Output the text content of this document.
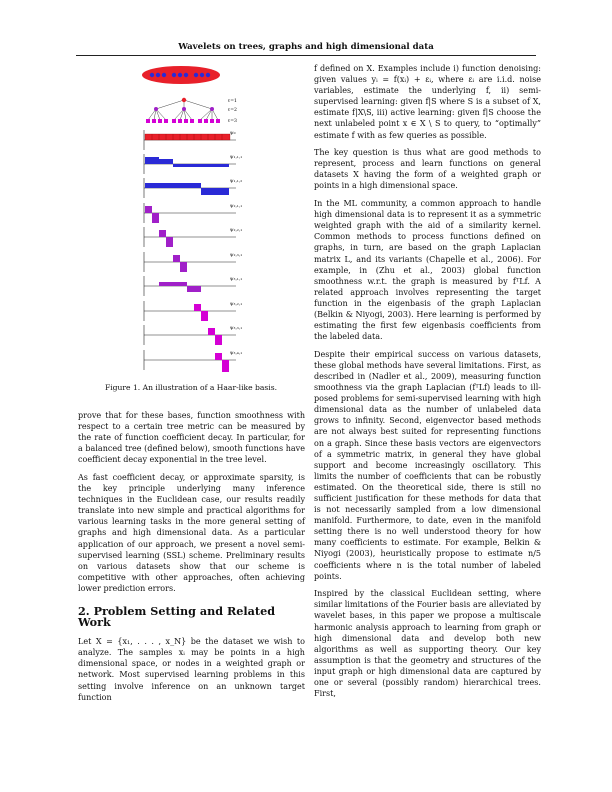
Wavelets on trees, graphs and high dimensional data
ℓ=1
ℓ=2
ℓ=3
ψ₀
ψ₁,₁,₁
ψ₁,₁,₂
ψ₂,₁,₁
ψ₂,₂,₁
ψ₂,₃,₁
ψ₃,₁,₁
ψ₃,₂,₁
ψ₃,₃,₁
ψ₃,₄,₁
Figure 1. An illustration of a Haar-like basis.

prove that for these bases, function smoothness with respect to a certain tree metric can be measured by the rate of function coefficient decay. In particular, for a balanced tree (defined below), smooth functions have coefficient decay exponential in the tree level.

As fast coefficient decay, or approximate sparsity, is the key principle underlying many inference techniques in the Euclidean case, our results readily translate into new simple and practical algorithms for various learning tasks in the more general setting of graphs and high dimensional data. As a particular application of our approach, we present a novel semi-supervised learning (SSL) scheme. Preliminary results on various datasets show that our scheme is competitive with other approaches, often achieving lower prediction errors.

2. Problem Setting and Related Work

Let X = {x₁, . . . , x_N} be the dataset we wish to analyze. The samples xᵢ may be points in a high dimensional space, or nodes in a weighted graph or network. Most supervised learning problems in this setting involve inference on an unknown target function

f defined on X. Examples include i) function denoising: given values yᵢ = f(xᵢ) + εᵢ, where εᵢ are i.i.d. noise variables, estimate the underlying f, ii) semi-supervised learning: given f|S where S is a subset of X, estimate f|X\S, iii) active learning: given f|S choose the next unlabeled point x ∈ X \ S to query, to “optimally” estimate f with as few queries as possible.

The key question is thus what are good methods to represent, process and learn functions on general datasets X having the form of a weighted graph or points in a high dimensional space.

In the ML community, a common approach to handle high dimensional data is to represent it as a symmetric weighted graph with the aid of a similarity kernel. Common methods to process functions defined on graphs, in turn, are based on the graph Laplacian matrix L, and its variants (Chapelle et al., 2006). For example, in (Zhu et al., 2003) global function smoothness w.r.t. the graph is measured by fᵀLf. A related approach involves representing the target function in the eigenbasis of the graph Laplacian (Belkin & Niyogi, 2003). Here learning is performed by estimating the first few eigenbasis coefficients from the labeled data.

Despite their empirical success on various datasets, these global methods have several limitations. First, as described in (Nadler et al., 2009), measuring function smoothness via the graph Laplacian (fᵀLf) leads to ill-posed problems for semi-supervised learning with high dimensional data as the number of unlabeled data grows to infinity. Second, eigenvector based methods are not always best suited for representing functions on a graph. Since these basis vectors are eigenvectors of a symmetric matrix, in general they have global support and become increasingly oscillatory. This limits the number of coefficients that can be robustly estimated. On the theoretical side, there is still no sufficient justification for these methods for data that is not necessarily sampled from a low dimensional manifold. Furthermore, to date, even in the manifold setting there is no well understood theory for how many coefficients to estimate. For example, Belkin & Niyogi (2003), heuristically propose to estimate n/5 coefficients where n is the total number of labeled points.

Inspired by the classical Euclidean setting, where similar limitations of the Fourier basis are alleviated by wavelet bases, in this paper we propose a multiscale harmonic analysis approach to learning from graph or high dimensional data and develop both new algorithms as well as supporting theory. Our key assumption is that the geometry and structures of the input graph or high dimensional data are captured by one or several (possibly random) hierarchical trees. First,
